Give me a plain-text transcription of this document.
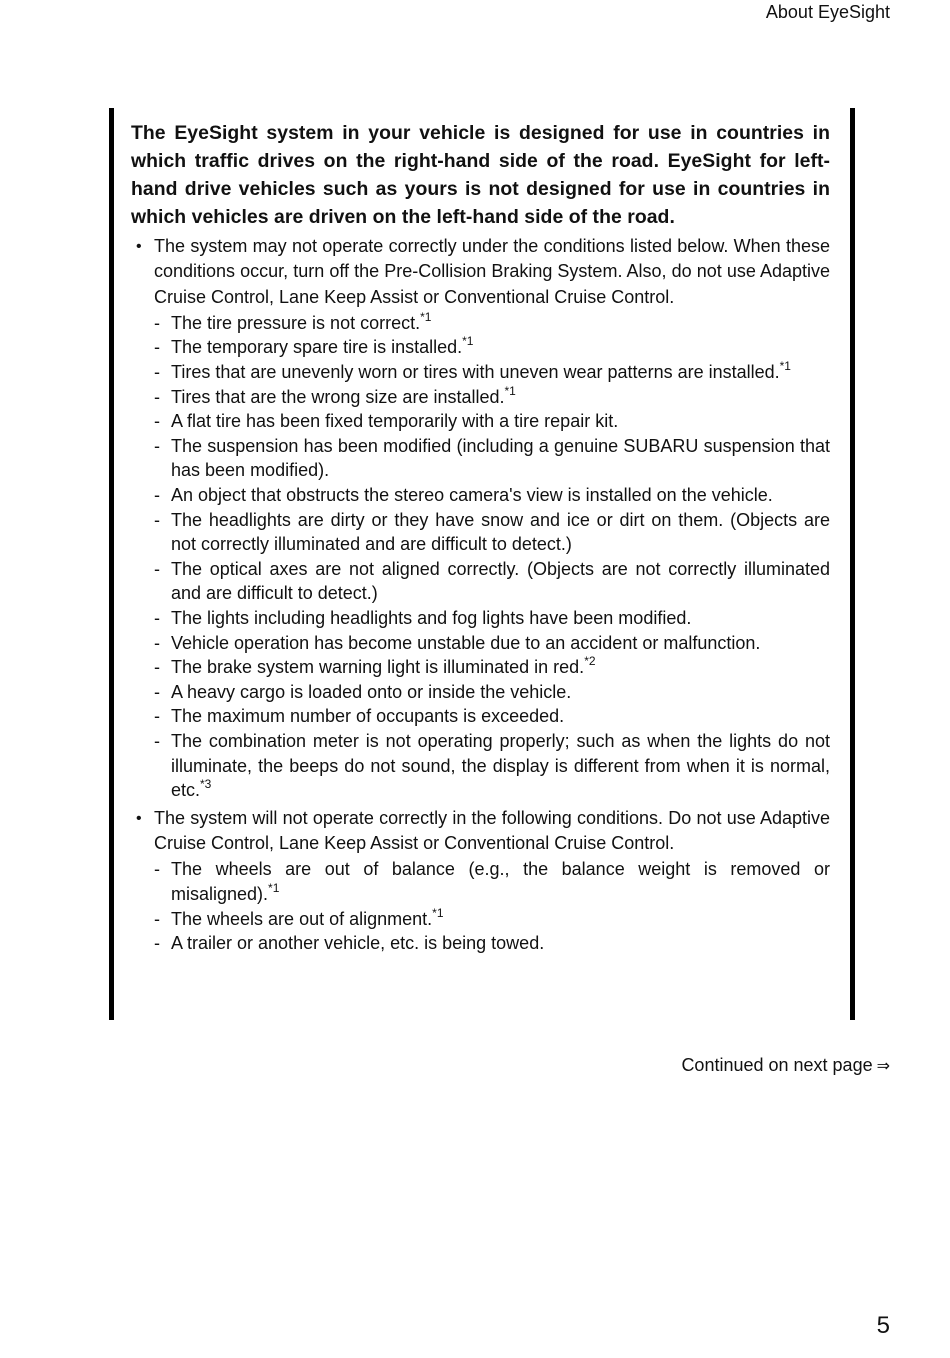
About EyeSight

The EyeSight system in your vehicle is designed for use in countries in which traffic drives on the right-hand side of the road. EyeSight for left-hand drive vehicles such as yours is not designed for use in countries in which vehicles are driven on the left-hand side of the road.

• The system may not operate correctly under the conditions listed below. When these conditions occur, turn off the Pre-Collision Braking System. Also, do not use Adaptive Cruise Control, Lane Keep Assist or Conventional Cruise Control.
- The tire pressure is not correct.$^{*1}$
- The temporary spare tire is installed.$^{*1}$
- Tires that are unevenly worn or tires with uneven wear patterns are installed.$^{*1}$
- Tires that are the wrong size are installed.$^{*1}$
- A flat tire has been fixed temporarily with a tire repair kit.
- The suspension has been modified (including a genuine SUBARU suspension that has been modified).
- An object that obstructs the stereo camera's view is installed on the vehicle.
- The headlights are dirty or they have snow and ice or dirt on them. (Objects are not correctly illuminated and are difficult to detect.)
- The optical axes are not aligned correctly. (Objects are not correctly illuminated and are difficult to detect.)
- The lights including headlights and fog lights have been modified.
- Vehicle operation has become unstable due to an accident or malfunction.
- The brake system warning light is illuminated in red.$^{*2}$
- A heavy cargo is loaded onto or inside the vehicle.
- The maximum number of occupants is exceeded.
- The combination meter is not operating properly; such as when the lights do not illuminate, the beeps do not sound, the display is different from when it is normal, etc.$^{*3}$
• The system will not operate correctly in the following conditions. Do not use Adaptive Cruise Control, Lane Keep Assist or Conventional Cruise Control.
- The wheels are out of balance (e.g., the balance weight is removed or misaligned).$^{*1}$
- The wheels are out of alignment.$^{*1}$
- A trailer or another vehicle, etc. is being towed.
Continued on next page ⇒
5
